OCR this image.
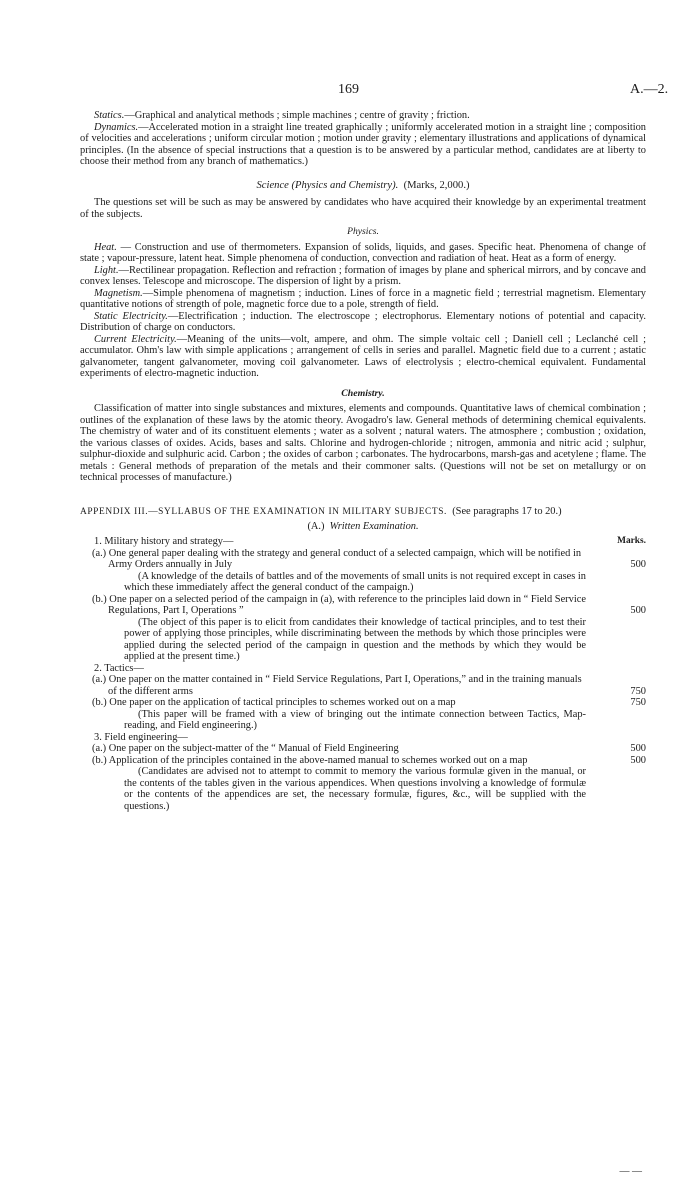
169	A.—2.

Statics.—Graphical and analytical methods ; simple machines ; centre of gravity ; friction.

Dynamics.—Accelerated motion in a straight line treated graphically ; uniformly accelerated motion in a straight line ; composition of velocities and accelerations ; uniform circular motion ; motion under gravity ; elementary illustrations and applications of dynamical principles. (In the absence of special instructions that a question is to be answered by a particular method, candidates are at liberty to choose their method from any branch of mathematics.)

Science (Physics and Chemistry). (Marks, 2,000.)

The questions set will be such as may be answered by candidates who have acquired their knowledge by an experimental treatment of the subjects.

Physics.

Heat. — Construction and use of thermometers. Expansion of solids, liquids, and gases. Specific heat. Phenomena of change of state ; vapour-pressure, latent heat. Simple phenomena of conduction, convection and radiation of heat. Heat as a form of energy.

Light.—Rectilinear propagation. Reflection and refraction ; formation of images by plane and spherical mirrors, and by concave and convex lenses. Telescope and microscope. The dispersion of light by a prism.

Magnetism.—Simple phenomena of magnetism ; induction. Lines of force in a magnetic field ; terrestrial magnetism. Elementary quantitative notions of strength of pole, magnetic force due to a pole, strength of field.

Static Electricity.—Electrification ; induction. The electroscope ; electrophorus. Elementary notions of potential and capacity. Distribution of charge on conductors.

Current Electricity.—Meaning of the units—volt, ampere, and ohm. The simple voltaic cell ; Daniell cell ; Leclanché cell ; accumulator. Ohm's law with simple applications ; arrangement of cells in series and parallel. Magnetic field due to a current ; astatic galvanometer, tangent galvanometer, moving coil galvanometer. Laws of electrolysis ; electro-chemical equivalent. Fundamental experiments of electro-magnetic induction.

Chemistry.

Classification of matter into single substances and mixtures, elements and compounds. Quantitative laws of chemical combination ; outlines of the explanation of these laws by the atomic theory. Avogadro's law. General methods of determining chemical equivalents. The chemistry of water and of its constituent elements ; water as a solvent ; natural waters. The atmosphere ; combustion ; oxidation, the various classes of oxides. Acids, bases and salts. Chlorine and hydrogen-chloride ; nitrogen, ammonia and nitric acid ; sulphur, sulphur-dioxide and sulphuric acid. Carbon ; the oxides of carbon ; carbonates. The hydrocarbons, marsh-gas and acetylene ; flame. The metals : General methods of preparation of the metals and their commoner salts. (Questions will not be set on metallurgy or on technical processes of manufacture.)

APPENDIX III.—SYLLABUS OF THE EXAMINATION IN MILITARY SUBJECTS. (See paragraphs 17 to 20.)

(A.) Written Examination.

1. Military history and strategy—	Marks.

(a.) One general paper dealing with the strategy and general conduct of a selected campaign, which will be notified in Army Orders annually in July	500

(A knowledge of the details of battles and of the movements of small units is not required except in cases in which these immediately affect the general conduct of the campaign.)

(b.) One paper on a selected period of the campaign in (a), with reference to the principles laid down in “ Field Service Regulations, Part I, Operations ”	500

(The object of this paper is to elicit from candidates their knowledge of tactical principles, and to test their power of applying those principles, while discriminating between the methods by which those principles were applied during the selected period of the campaign in question and the methods by which they would be applied at the present time.)

2. Tactics—

(a.) One paper on the matter contained in “ Field Service Regulations, Part I, Operations,” and in the training manuals of the different arms	750
(b.) One paper on the application of tactical principles to schemes worked out on a map	750

(This paper will be framed with a view of bringing out the intimate connection between Tactics, Map-reading, and Field engineering.)

3. Field engineering—

(a.) One paper on the subject-matter of the “ Manual of Field Engineering	500
(b.) Application of the principles contained in the above-named manual to schemes worked out on a map	500

(Candidates are advised not to attempt to commit to memory the various formulæ given in the manual, or the contents of the tables given in the various appendices. When questions involving a knowledge of formulæ or the contents of the appendices are set, the necessary formulæ, figures, &c., will be supplied with the questions.)

— —
